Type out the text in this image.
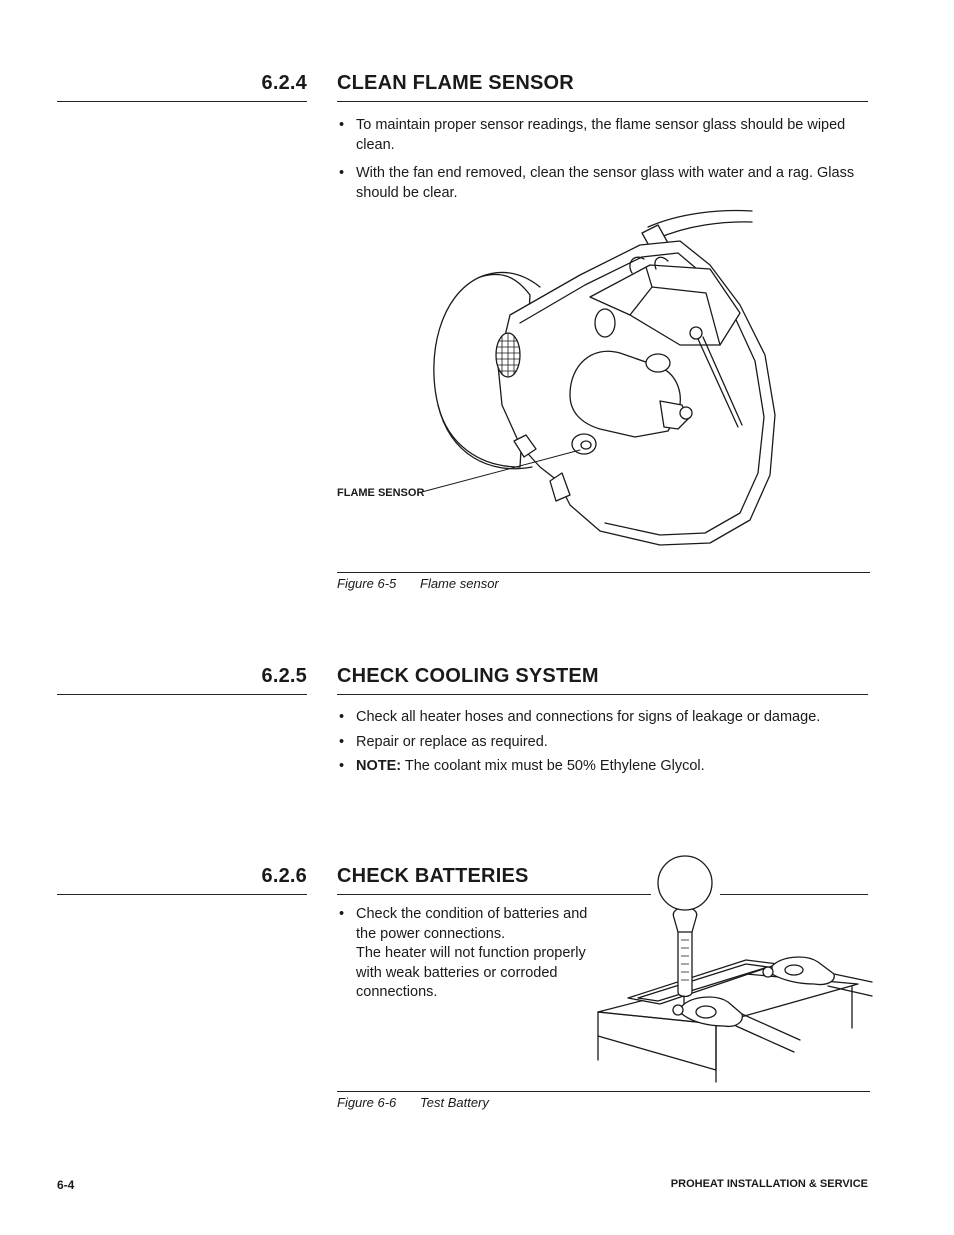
6.2.4 CLEAN FLAME SENSOR
• To maintain proper sensor readings, the flame sensor glass should be wiped clean.
• With the fan end removed, clean the sensor glass with water and a rag. Glass should be clear.
FLAME SENSOR
Figure 6-5 Flame sensor
6.2.5 CHECK COOLING SYSTEM
• Check all heater hoses and connections for signs of leakage or damage.
• Repair or replace as required.
• NOTE: The coolant mix must be 50% Ethylene Glycol.
6.2.6 CHECK BATTERIES
• Check the condition of batteries and the power connections.
The heater will not function properly with weak batteries or corroded connections.
Figure 6-6 Test Battery
6-4	PROHEAT INSTALLATION & SERVICE
